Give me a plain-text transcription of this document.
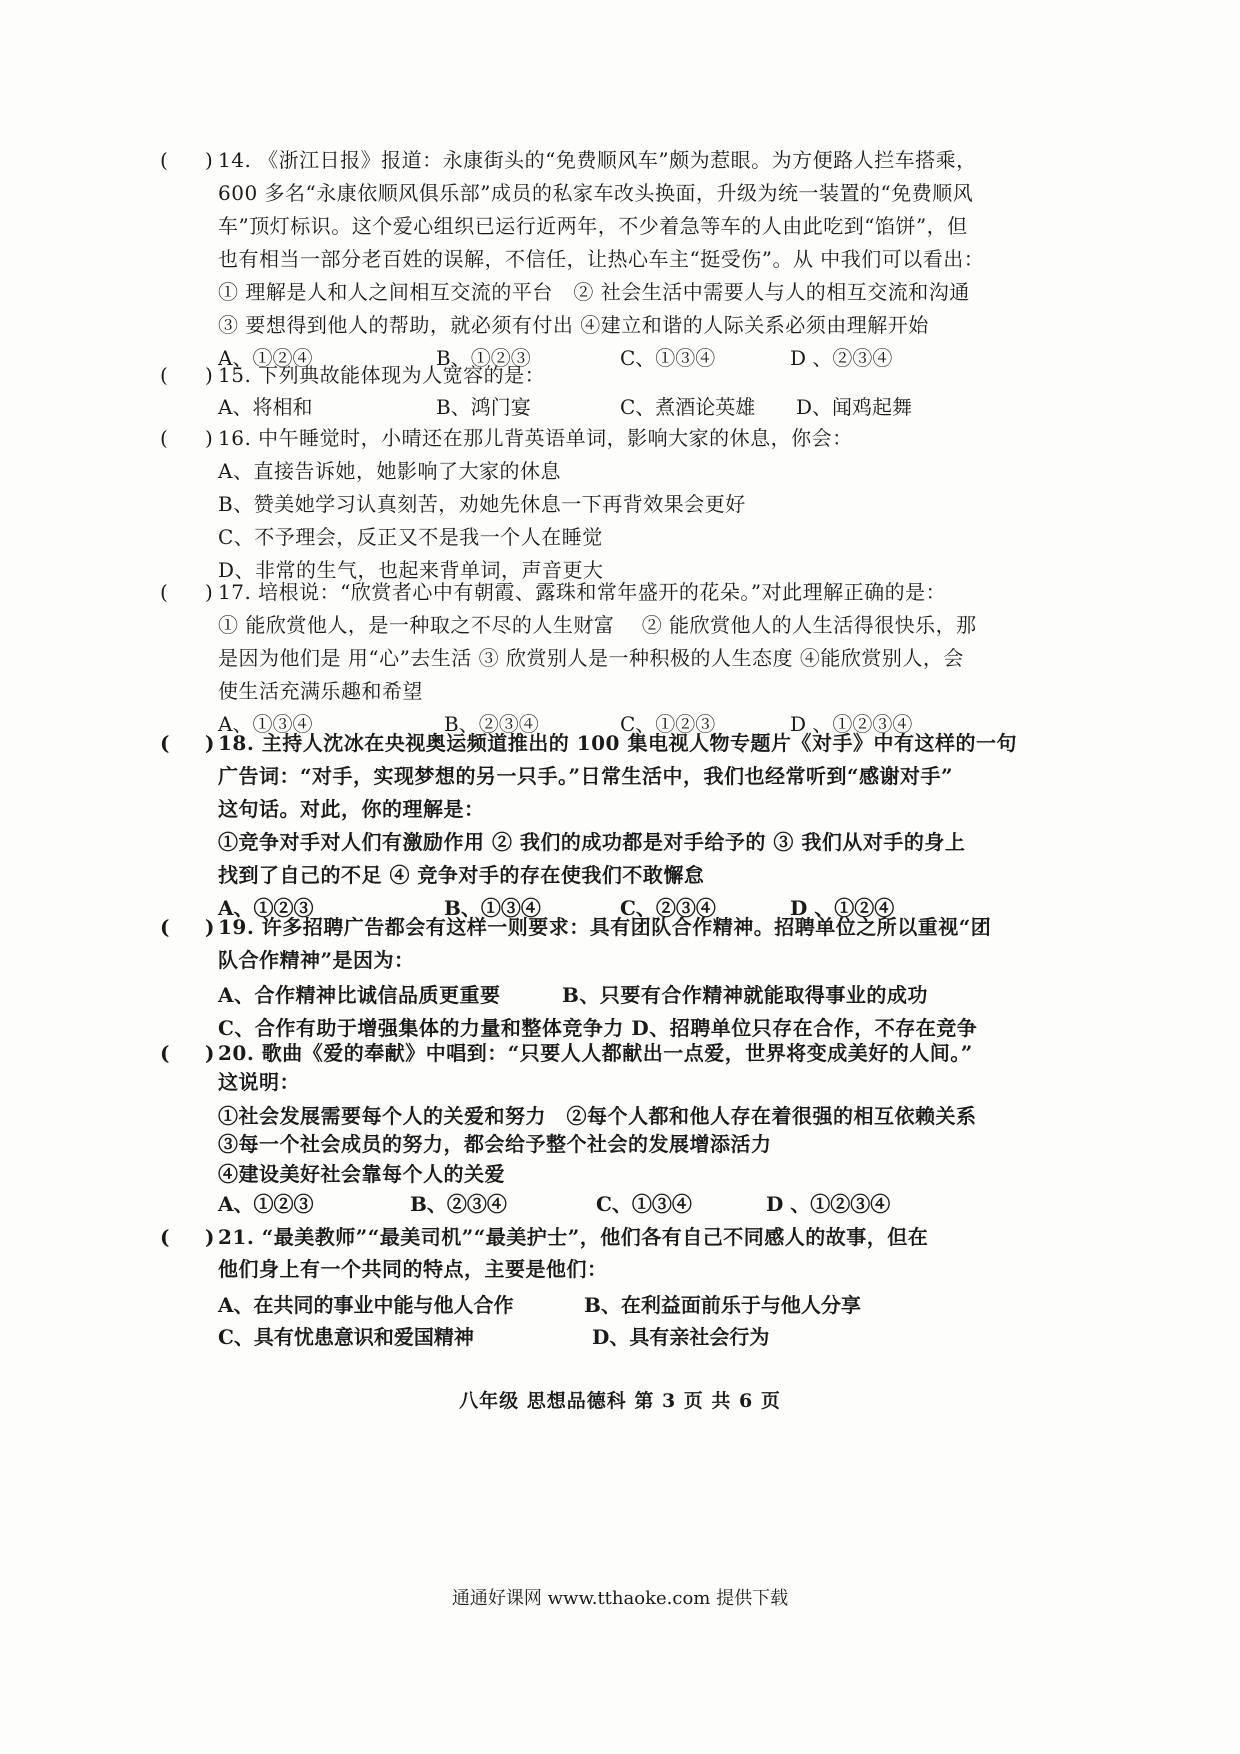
( ) 14. 《浙江日报》报道：永康街头的“免费顺风车”颇为惹眼。为方便路人拦车搭乘，
600 多名“永康依顺风俱乐部”成员的私家车改头换面，升级为统一装置的“免费顺风
车”顶灯标识。这个爱心组织已运行近两年，不少着急等车的人由此吃到“馅饼”，但
也有相当一部分老百姓的误解，不信任，让热心车主“挺受伤”。从 中我们可以看出：
① 理解是人和人之间相互交流的平台　② 社会生活中需要人与人的相互交流和沟通
③ 要想得到他人的帮助，就必须有付出 ④建立和谐的人际关系必须由理解开始
A、①②④	B、①②③	C、①③④	D 、②③④
( ) 15. 下列典故能体现为人宽容的是：
A、将相和	B、鸿门宴	C、煮酒论英雄 D、闻鸡起舞
( ) 16. 中午睡觉时，小晴还在那儿背英语单词，影响大家的休息，你会：
A、直接告诉她，她影响了大家的休息
B、赞美她学习认真刻苦，劝她先休息一下再背效果会更好
C、不予理会，反正又不是我一个人在睡觉
D、非常的生气，也起来背单词，声音更大
( ) 17. 培根说：“欣赏者心中有朝霞、露珠和常年盛开的花朵。”对此理解正确的是：
① 能欣赏他人，是一种取之不尽的人生财富　 ② 能欣赏他人的人生活得很快乐，那
是因为他们是 用“心”去生活 ③ 欣赏别人是一种积极的人生态度 ④能欣赏别人，会
使生活充满乐趣和希望
A、①③④	B、②③④	C、①②③	D 、①②③④
( ) 18. 主持人沈冰在央视奥运频道推出的 100 集电视人物专题片《对手》中有这样的一句
广告词：“对手，实现梦想的另一只手。”日常生活中，我们也经常听到“感谢对手”
这句话。对此，你的理解是：
①竞争对手对人们有激励作用 ② 我们的成功都是对手给予的 ③ 我们从对手的身上
找到了自己的不足 ④ 竞争对手的存在使我们不敢懈怠
A、①②③	B、①③④	C、②③④	D 、①②④
( ) 19. 许多招聘广告都会有这样一则要求：具有团队合作精神。招聘单位之所以重视“团
队合作精神”是因为：
A、合作精神比诚信品质更重要　　　B、只要有合作精神就能取得事业的成功
C、合作有助于增强集体的力量和整体竞争力 D、招聘单位只存在合作，不存在竞争
( ) 20. 歌曲《爱的奉献》中唱到：“只要人人都献出一点爱，世界将变成美好的人间。”
这说明：
①社会发展需要每个人的关爱和努力　②每个人都和他人存在着很强的相互依赖关系
③每一个社会成员的努力，都会给予整个社会的发展增添活力
④建设美好社会靠每个人的关爱
A、①②③	B、②③④	C、①③④	D 、①②③④
( ) 21. “最美教师”“最美司机”“最美护士”，他们各有自己不同感人的故事，但在
他们身上有一个共同的特点，主要是他们：
A、在共同的事业中能与他人合作	B、在利益面前乐于与他人分享
C、具有忧患意识和爱国精神	D、具有亲社会行为
八年级 思想品德科 第 3 页 共 6 页
通通好课网 www.tthaoke.com 提供下载
